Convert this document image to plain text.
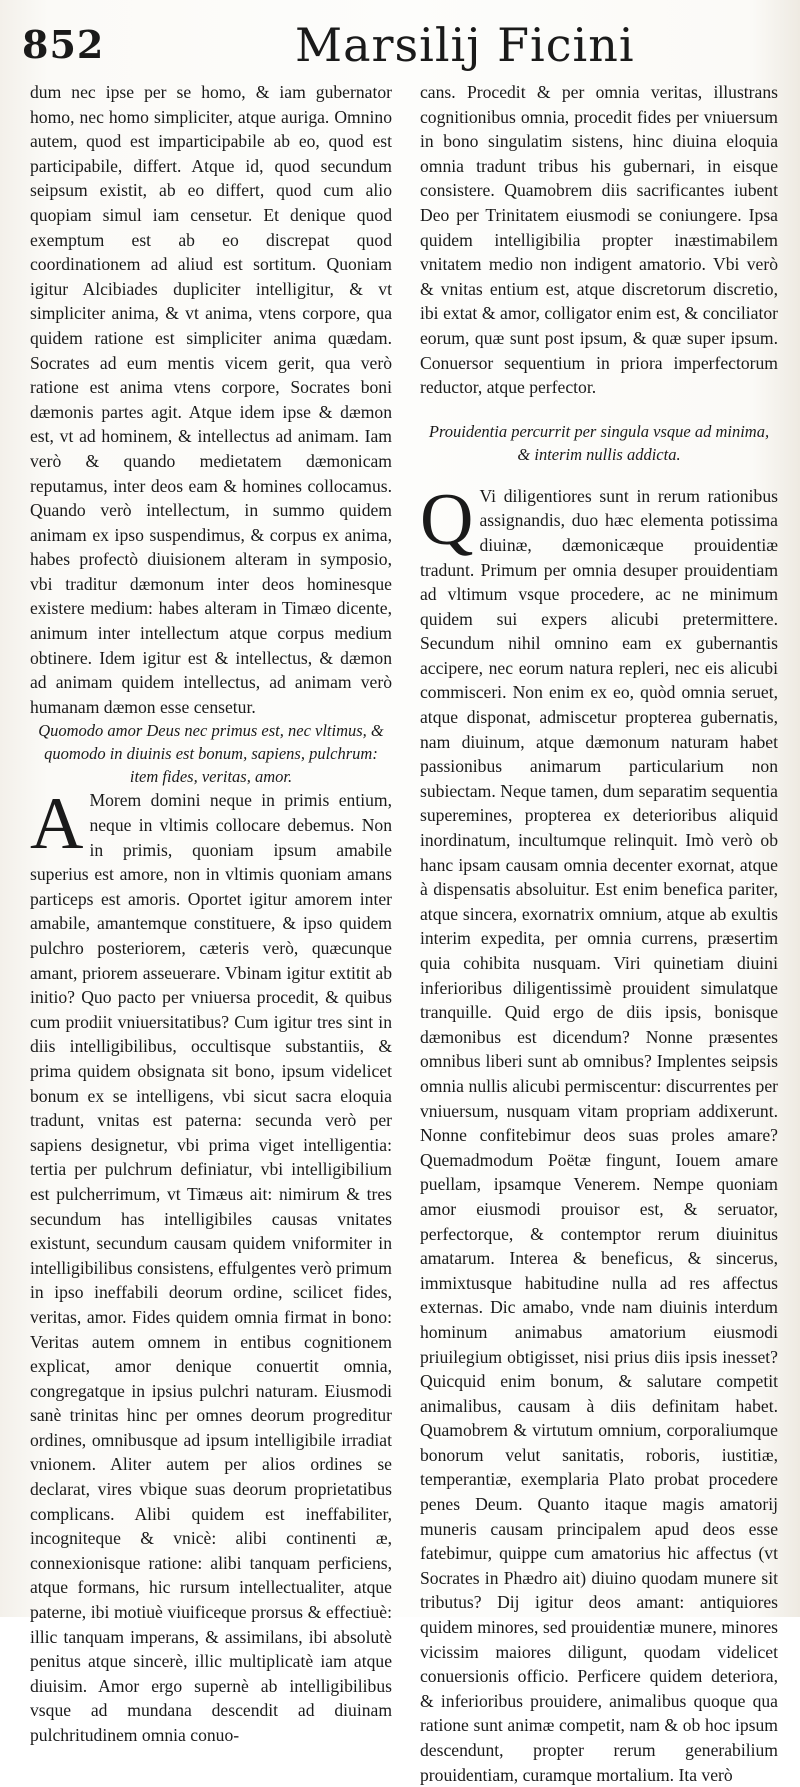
852	Marsilij Ficini

dum nec ipse per se homo, & iam gubernator homo, nec homo simpliciter, atque auriga. Omnino autem, quod est imparticipabile ab eo, quod est participabile, differt. Atque id, quod secundum seipsum existit, ab eo differt, quod cum alio quopiam simul iam censetur. Et denique quod exemptum est ab eo discrepat quod coordinationem ad aliud est sortitum. Quoniam igitur Alcibiades dupliciter intelligitur, & vt simpliciter anima, & vt anima, vtens corpore, qua quidem ratione est simpliciter anima quædam. Socrates ad eum mentis vicem gerit, qua verò ratione est anima vtens corpore, Socrates boni dæmonis partes agit. Atque idem ipse & dæmon est, vt ad hominem, & intellectus ad animam. Iam verò & quando medietatem dæmonicam reputamus, inter deos eam & homines collocamus. Quando verò intellectum, in summo quidem animam ex ipso suspendimus, & corpus ex anima, habes profectò diuisionem alteram in symposio, vbi traditur dæmonum inter deos hominesque existere medium: habes alteram in Timæo dicente, animum inter intellectum atque corpus medium obtinere. Idem igitur est & intellectus, & dæmon ad animam quidem intellectus, ad animam verò humanam dæmon esse censetur.

Quomodo amor Deus nec primus est, nec vltimus, & quomodo in diuinis est bonum, sapiens, pulchrum: item fides, veritas, amor.

A Morem domini neque in primis entium, neque in vltimis collocare debemus. Non in primis, quoniam ipsum amabile superius est amore, non in vltimis quoniam amans particeps est amoris. Oportet igitur amorem inter amabile, amantemque constituere, & ipso quidem pulchro posteriorem, cæteris verò, quæcunque amant, priorem asseuerare. Vbinam igitur extitit ab initio? Quo pacto per vniuersa procedit, & quibus cum prodiit vniuersitatibus? Cum igitur tres sint in diis intelligibilibus, occultisque substantiis, & prima quidem obsignata sit bono, ipsum videlicet bonum ex se intelligens, vbi sicut sacra eloquia tradunt, vnitas est paterna: secunda verò per sapiens designetur, vbi prima viget intelligentia: tertia per pulchrum definiatur, vbi intelligibilium est pulcherrimum, vt Timæus ait: nimirum & tres secundum has intelligibiles causas vnitates existunt, secundum causam quidem vniformiter in intelligibilibus consistens, effulgentes verò primum in ipso ineffabili deorum ordine, scilicet fides, veritas, amor. Fides quidem omnia firmat in bono: Veritas autem omnem in entibus cognitionem explicat, amor denique conuertit omnia, congregatque in ipsius pulchri naturam. Eiusmodi sanè trinitas hinc per omnes deorum progreditur ordines, omnibusque ad ipsum intelligibile irradiat vnionem. Aliter autem per alios ordines se declarat, vires vbique suas deorum proprietatibus complicans. Alibi quidem est ineffabiliter, incogniteque & vnicè: alibi continenti æ, connexionisque ratione: alibi tanquam perficiens, atque formans, hic rursum intellectualiter, atque paterne, ibi motiuè viuificeque prorsus & effectiuè: illic tanquam imperans, & assimilans, ibi absolutè penitus atque sincerè, illic multiplicatè iam atque diuisim. Amor ergo supernè ab intelligibilibus vsque ad mundana descendit ad diuinam pulchritudinem omnia conuo-

cans. Procedit & per omnia veritas, illustrans cognitionibus omnia, procedit fides per vniuersum in bono singulatim sistens, hinc diuina eloquia omnia tradunt tribus his gubernari, in eisque consistere. Quamobrem diis sacrificantes iubent Deo per Trinitatem eiusmodi se coniungere. Ipsa quidem intelligibilia propter inæstimabilem vnitatem medio non indigent amatorio. Vbi verò & vnitas entium est, atque discretorum discretio, ibi extat & amor, colligator enim est, & conciliator eorum, quæ sunt post ipsum, & quæ super ipsum. Conuersor sequentium in priora imperfectorum reductor, atque perfector.

Prouidentia percurrit per singula vsque ad minima, & interim nullis addicta.

Q Vi diligentiores sunt in rerum rationibus assignandis, duo hæc elementa potissima diuinæ, dæmonicæque prouidentiæ tradunt. Primum per omnia desuper prouidentiam ad vltimum vsque procedere, ac ne minimum quidem sui expers alicubi pretermittere. Secundum nihil omnino eam ex gubernantis accipere, nec eorum natura repleri, nec eis alicubi commisceri. Non enim ex eo, quòd omnia seruet, atque disponat, admiscetur propterea gubernatis, nam diuinum, atque dæmonum naturam habet passionibus animarum particularium non subiectam. Neque tamen, dum separatim sequentia superemines, propterea ex deterioribus aliquid inordinatum, incultumque relinquit. Imò verò ob hanc ipsam causam omnia decenter exornat, atque à dispensatis absoluitur. Est enim benefica pariter, atque sincera, exornatrix omnium, atque ab exultis interim expedita, per omnia currens, præsertim quia cohibita nusquam. Viri quinetiam diuini inferioribus diligentissimè prouident simulatque tranquille. Quid ergo de diis ipsis, bonisque dæmonibus est dicendum? Nonne præsentes omnibus liberi sunt ab omnibus? Implentes seipsis omnia nullis alicubi permiscentur: discurrentes per vniuersum, nusquam vitam propriam addixerunt. Nonne confitebimur deos suas proles amare? Quemadmodum Poëtæ fingunt, Iouem amare puellam, ipsamque Venerem. Nempe quoniam amor eiusmodi prouisor est, & seruator, perfectorque, & contemptor rerum diuinitus amatarum. Interea & beneficus, & sincerus, immixtusque habitudine nulla ad res affectus externas. Dic amabo, vnde nam diuinis interdum hominum animabus amatorium eiusmodi priuilegium obtigisset, nisi prius diis ipsis inesset? Quicquid enim bonum, & salutare competit animalibus, causam à diis definitam habet. Quamobrem & virtutum omnium, corporaliumque bonorum velut sanitatis, roboris, iustitiæ, temperantiæ, exemplaria Plato probat procedere penes Deum. Quanto itaque magis amatorij muneris causam principalem apud deos esse fatebimur, quippe cum amatorius hic affectus (vt Socrates in Phædro ait) diuino quodam munere sit tributus? Dij igitur deos amant: antiquiores quidem minores, sed prouidentiæ munere, minores vicissim maiores diligunt, quodam videlicet conuersionis officio. Perficere quidem deteriora, & inferioribus prouidere, animalibus quoque qua ratione sunt animæ competit, nam & ob hoc ipsum descendunt, propter rerum generabilium prouidentiam, curamque mortalium. Ita verò
